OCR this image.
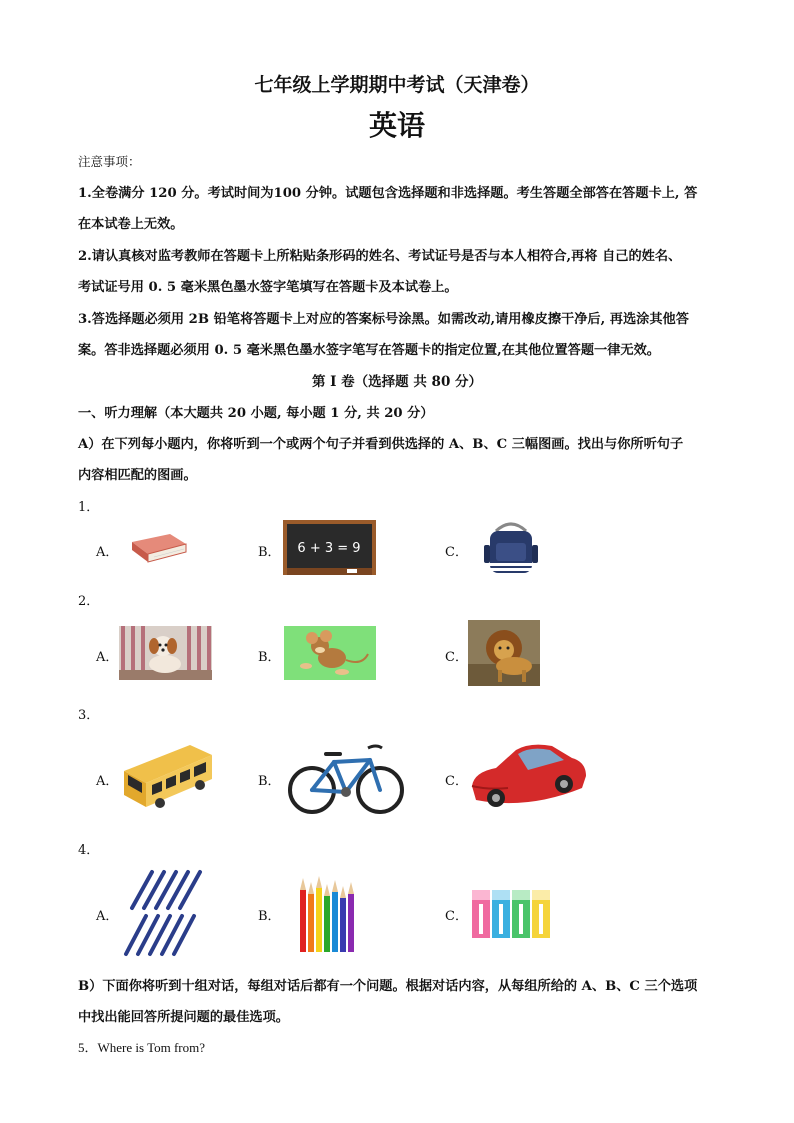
七年级上学期期中考试（天津卷）
英语
注意事项：
1.全卷满分 120 分。考试时间为100 分钟。试题包含选择题和非选择题。考生答题全部答在答题卡上, 答
在本试卷上无效。
2.请认真核对监考教师在答题卡上所粘贴条形码的姓名、考试证号是否与本人相符合,再将 自己的姓名、
考试证号用 0. 5 毫米黑色墨水签字笔填写在答题卡及本试卷上。
3.答选择题必须用 2B 铅笔将答题卡上对应的答案标号涂黑。如需改动,请用橡皮擦干净后, 再选涂其他答
案。答非选择题必须用 0. 5 毫米黑色墨水签字笔写在答题卡的指定位置,在其他位置答题一律无效。
第 I 卷（选择题 共 80 分）
一、听力理解（本大题共 20 小题, 每小题 1 分, 共 20 分）
A）在下列每小题内，你将听到一个或两个句子并看到供选择的 A、B、C 三幅图画。找出与你所听句子
内容相匹配的图画。
1．
A．	B．	C．
6 + 3 = 9
2．
A．	B．	C．
3．
A．	B．	C．
4．
A．	B．	C．
B）下面你将听到十组对话，每组对话后都有一个问题。根据对话内容，从每组所给的 A、B、C 三个选项
中找出能回答所提问题的最佳选项。
5．Where is Tom from?
